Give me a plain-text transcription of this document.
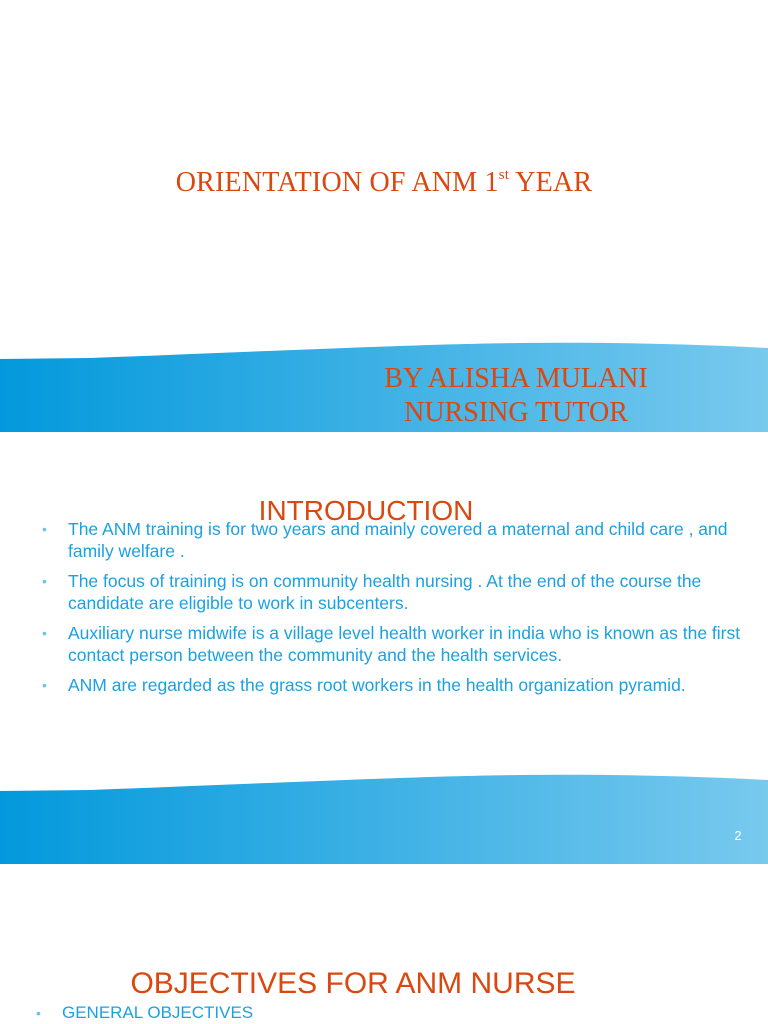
ORIENTATION OF ANM 1st YEAR
BY ALISHA MULANI
NURSING TUTOR
INTRODUCTION
• The ANM training is for two years and mainly covered a maternal and child care , and family welfare .
• The focus of training is on community health nursing . At the end of the course the candidate are eligible to work in subcenters.
• Auxiliary nurse midwife is a village level health worker in india who is known as the first contact person between the community and the health services.
• ANM are regarded as the grass root workers in the health organization pyramid.
2
OBJECTIVES FOR ANM NURSE
• GENERAL OBJECTIVES
